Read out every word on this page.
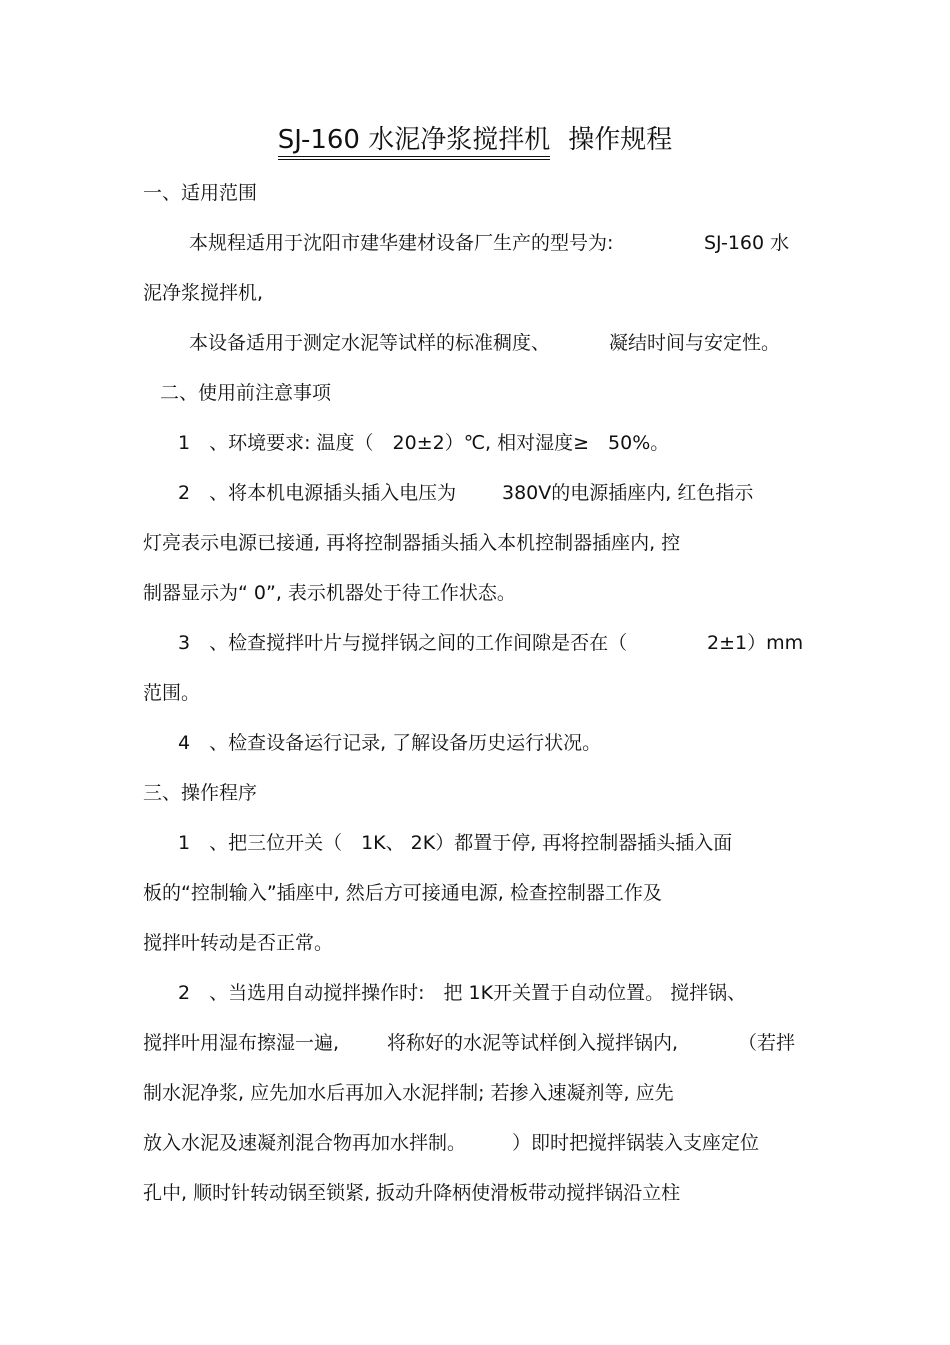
SJ-160 水泥净浆搅拌机 操作规程
一、适用范围
本规程适用于沈阳市建华建材设备厂生产的型号为:	SJ-160 水
泥净浆搅拌机,
本设备适用于测定水泥等试样的标准稠度、	凝结时间与安定性。
二、使用前注意事项
1　、环境要求: 温度（　20±2）℃, 相对湿度≥　50%。
2　、将本机电源插头插入电压为 380V的电源插座内, 红色指示
灯亮表示电源已接通, 再将控制器插头插入本机控制器插座内, 控
制器显示为“ 0”, 表示机器处于待工作状态。
3　、检查搅拌叶片与搅拌锅之间的工作间隙是否在（	2±1）mm
范围。
4　、检查设备运行记录, 了解设备历史运行状况。
三、操作程序
1　、把三位开关（　1K、 2K）都置于停, 再将控制器插头插入面
板的“控制输入”插座中, 然后方可接通电源, 检查控制器工作及
搅拌叶转动是否正常。
2　、当选用自动搅拌操作时:　把 1K开关置于自动位置。 搅拌锅、
搅拌叶用湿布擦湿一遍,	将称好的水泥等试样倒入搅拌锅内,	（若拌
制水泥净浆, 应先加水后再加入水泥拌制; 若掺入速凝剂等, 应先
放入水泥及速凝剂混合物再加水拌制。 ）即时把搅拌锅装入支座定位
孔中, 顺时针转动锅至锁紧, 扳动升降柄使滑板带动搅拌锅沿立柱
